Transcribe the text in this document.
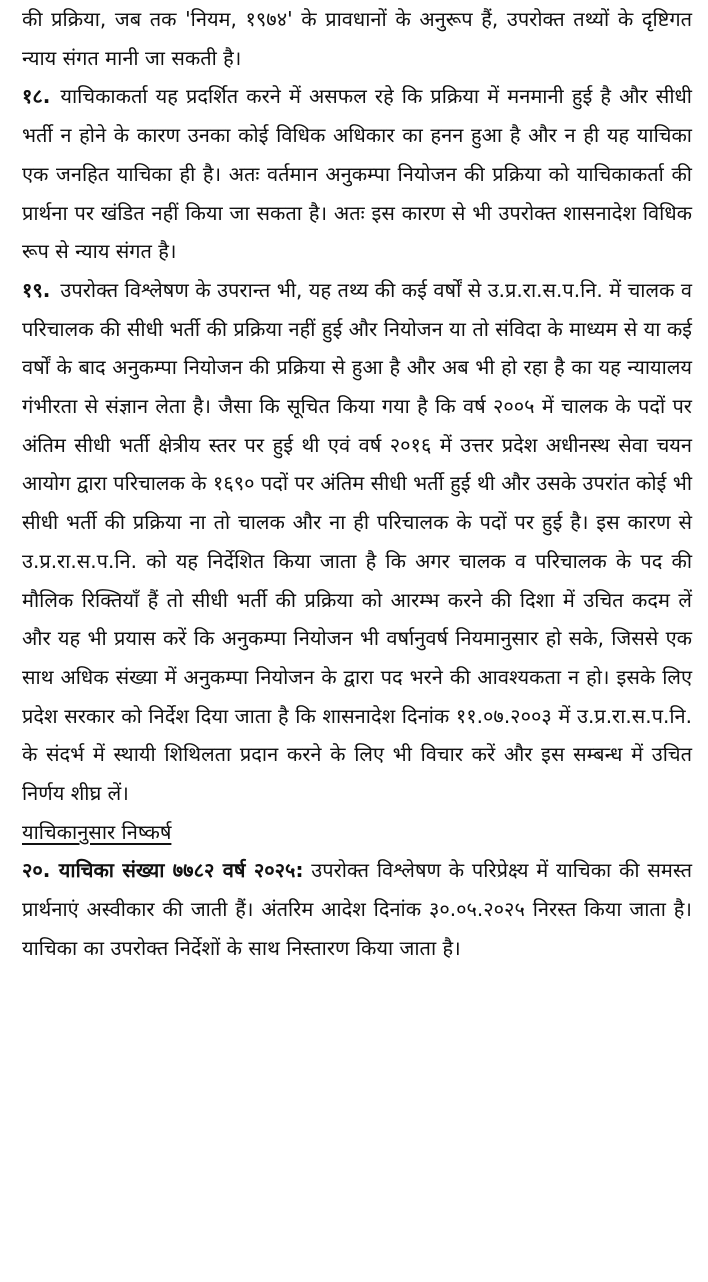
की प्रक्रिया, जब तक 'नियम, १९७४' के प्रावधानों के अनुरूप हैं, उपरोक्त तथ्यों के दृष्टिगत न्याय संगत मानी जा सकती है।

१८. याचिकाकर्ता यह प्रदर्शित करने में असफल रहे कि प्रक्रिया में मनमानी हुई है और सीधी भर्ती न होने के कारण उनका कोई विधिक अधिकार का हनन हुआ है और न ही यह याचिका एक जनहित याचिका ही है। अतः वर्तमान अनुकम्पा नियोजन की प्रक्रिया को याचिकाकर्ता की प्रार्थना पर खंडित नहीं किया जा सकता है। अतः इस कारण से भी उपरोक्त शासनादेश विधिक रूप से न्याय संगत है।

१९. उपरोक्त विश्लेषण के उपरान्त भी, यह तथ्य की कई वर्षों से उ.प्र.रा.स.प.नि. में चालक व परिचालक की सीधी भर्ती की प्रक्रिया नहीं हुई और नियोजन या तो संविदा के माध्यम से या कई वर्षों के बाद अनुकम्पा नियोजन की प्रक्रिया से हुआ है और अब भी हो रहा है का यह न्यायालय गंभीरता से संज्ञान लेता है। जैसा कि सूचित किया गया है कि वर्ष २००५ में चालक के पदों पर अंतिम सीधी भर्ती क्षेत्रीय स्तर पर हुई थी एवं वर्ष २०१६ में उत्तर प्रदेश अधीनस्थ सेवा चयन आयोग द्वारा परिचालक के १६९० पदों पर अंतिम सीधी भर्ती हुई थी और उसके उपरांत कोई भी सीधी भर्ती की प्रक्रिया ना तो चालक और ना ही परिचालक के पदों पर हुई है। इस कारण से उ.प्र.रा.स.प.नि. को यह निर्देशित किया जाता है कि अगर चालक व परिचालक के पद की मौलिक रिक्तियाँ हैं तो सीधी भर्ती की प्रक्रिया को आरम्भ करने की दिशा में उचित कदम लें और यह भी प्रयास करें कि अनुकम्पा नियोजन भी वर्षानुवर्ष नियमानुसार हो सके, जिससे एक साथ अधिक संख्या में अनुकम्पा नियोजन के द्वारा पद भरने की आवश्यकता न हो। इसके लिए प्रदेश सरकार को निर्देश दिया जाता है कि शासनादेश दिनांक ११.०७.२००३ में उ.प्र.रा.स.प.नि. के संदर्भ में स्थायी शिथिलता प्रदान करने के लिए भी विचार करें और इस सम्बन्ध में उचित निर्णय शीघ्र लें।

याचिकानुसार निष्कर्ष

२०. याचिका संख्या ७७८२ वर्ष २०२५: उपरोक्त विश्लेषण के परिप्रेक्ष्य में याचिका की समस्त प्रार्थनाएं अस्वीकार की जाती हैं। अंतरिम आदेश दिनांक ३०.०५.२०२५ निरस्त किया जाता है। याचिका का उपरोक्त निर्देशों के साथ निस्तारण किया जाता है।
